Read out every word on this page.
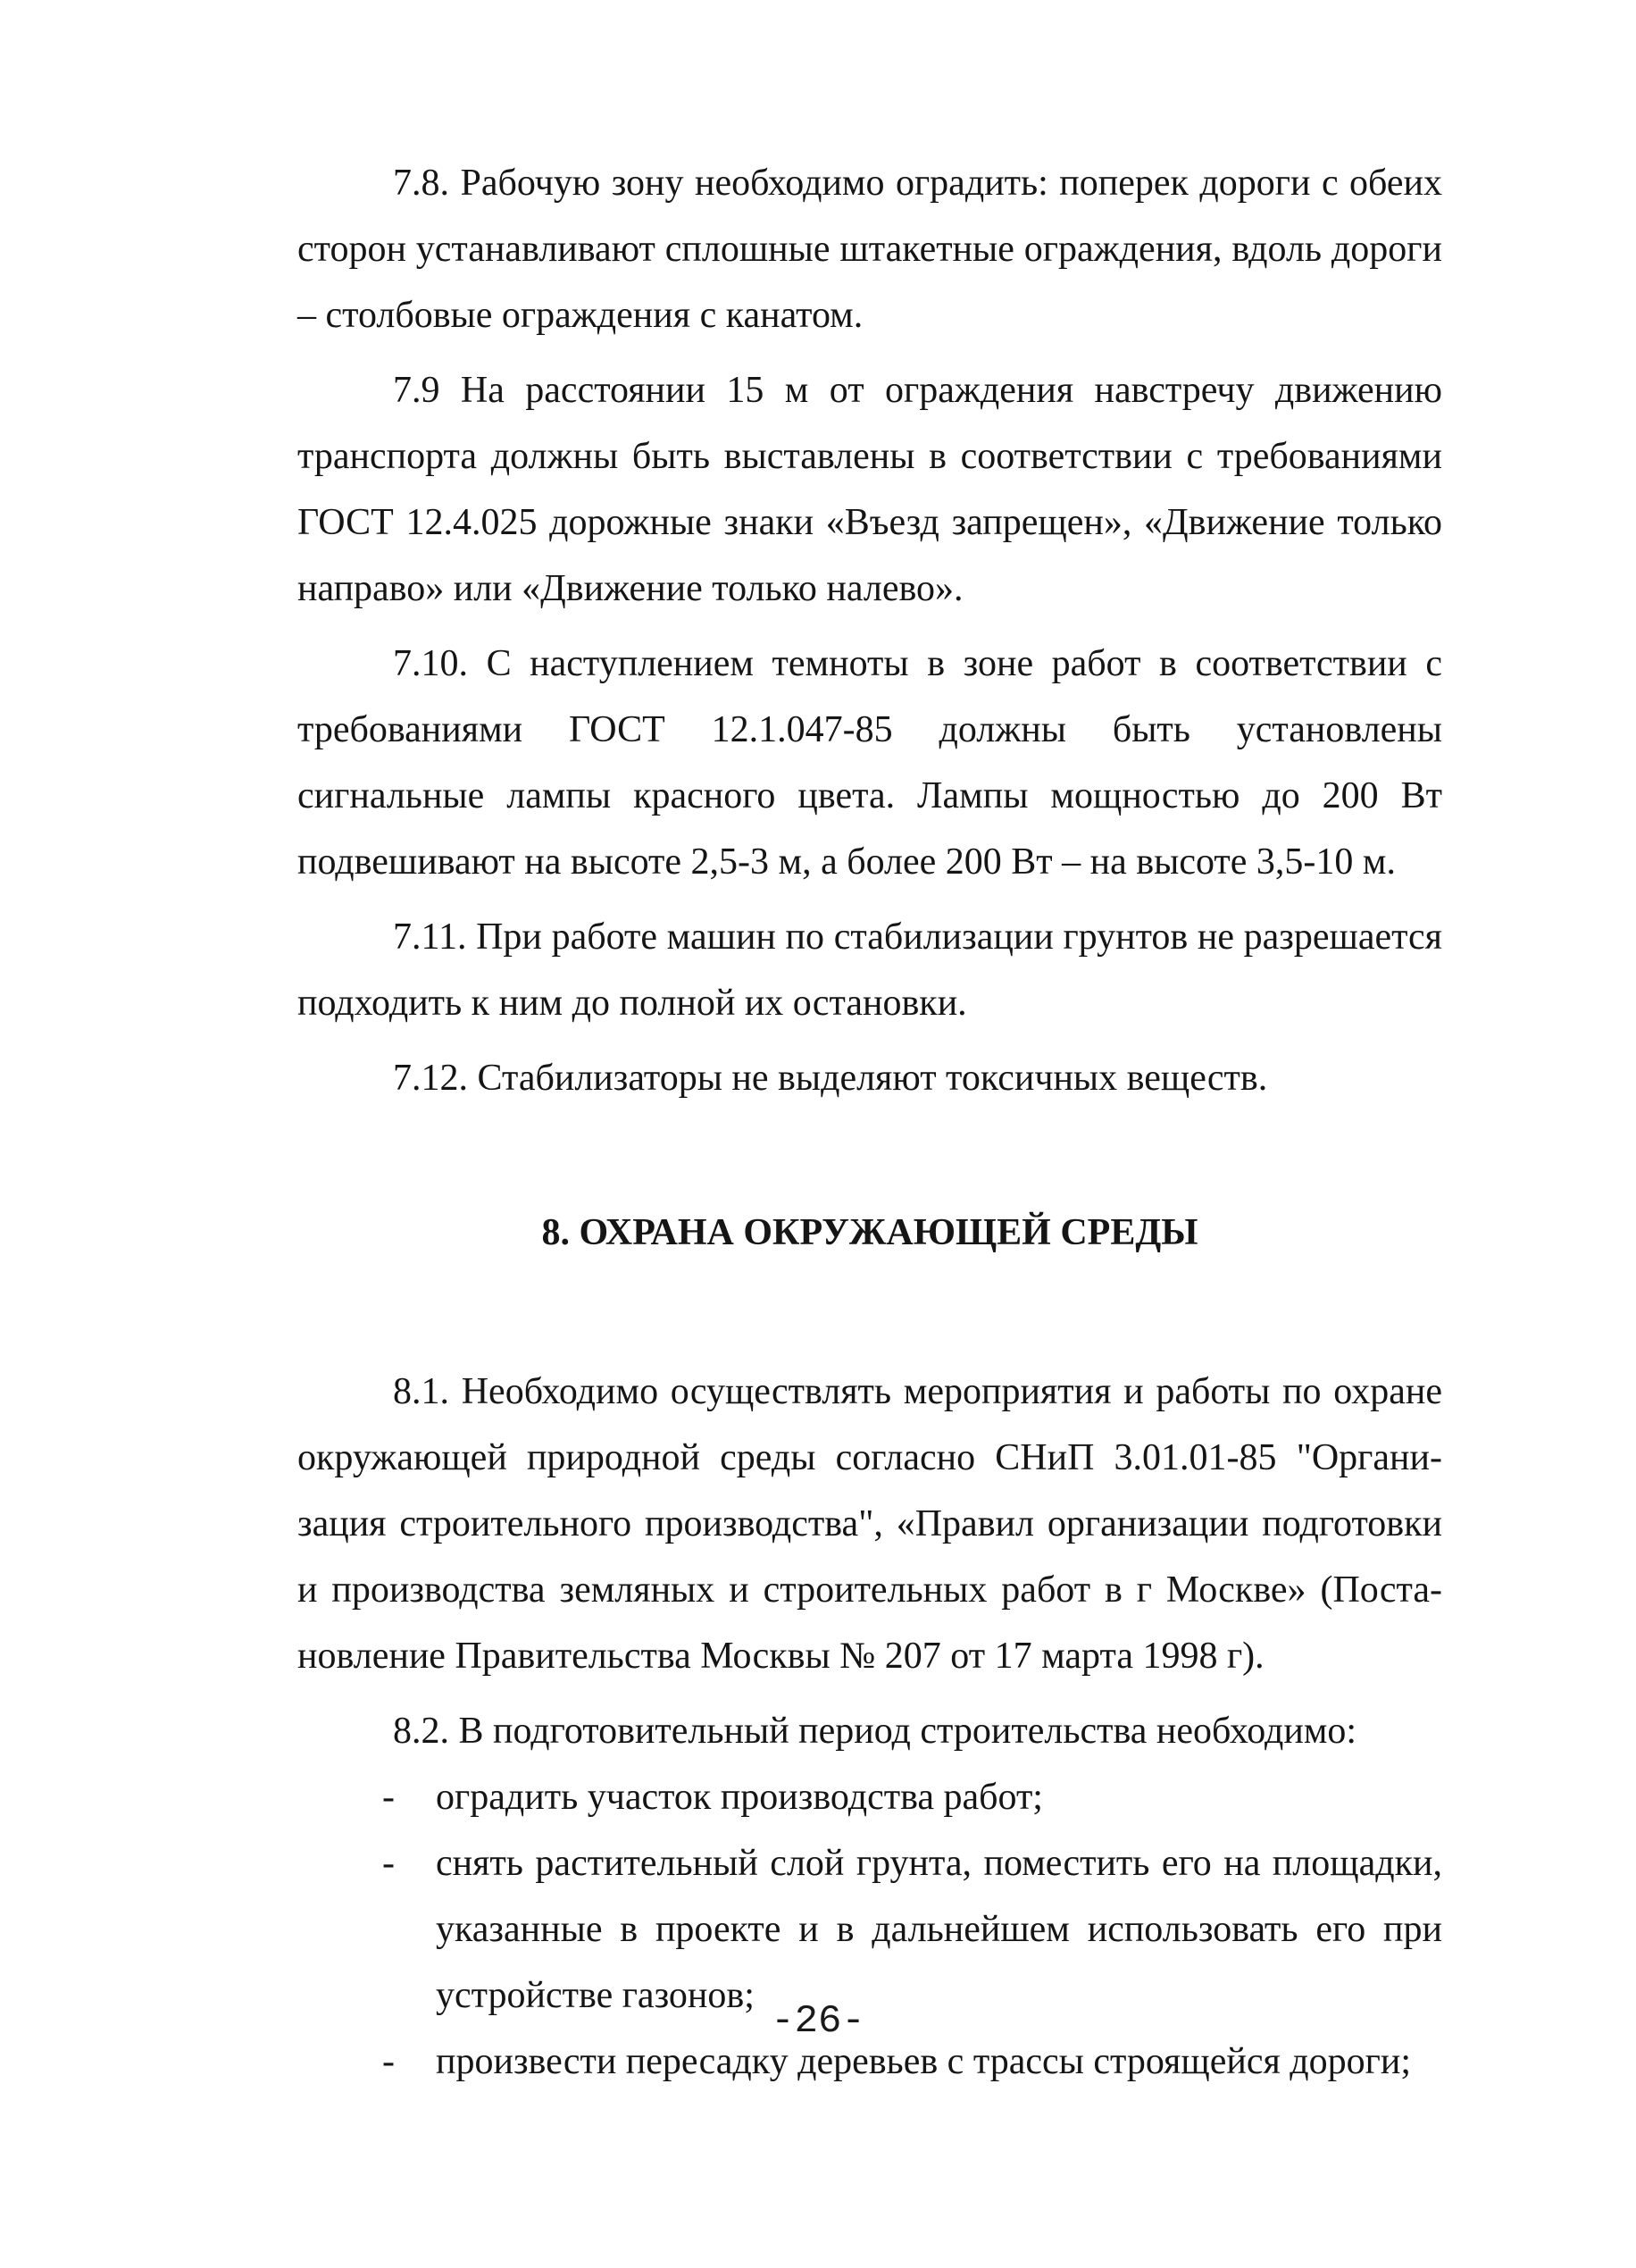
7.8. Рабочую зону необходимо оградить: поперек дороги с обеих сторон устанавливают сплошные штакетные ограждения, вдоль дороги – столбовые ограждения с канатом.

7.9 На расстоянии 15 м от ограждения навстречу движению транспорта должны быть выставлены в соответствии с требованиями ГОСТ 12.4.025 дорожные знаки «Въезд запрещен», «Движение только направо» или «Движение только налево».

7.10. С наступлением темноты в зоне работ в соответствии с требованиями ГОСТ 12.1.047-85 должны быть установлены сигнальные лампы красного цвета. Лампы мощностью до 200 Вт подвешивают на высоте 2,5-3 м, а более 200 Вт – на высоте 3,5-10 м.

7.11. При работе машин по стабилизации грунтов не разрешается подходить к ним до полной их остановки.

7.12. Стабилизаторы не выделяют токсичных веществ.

8. ОХРАНА ОКРУЖАЮЩЕЙ СРЕДЫ

8.1. Необходимо осуществлять мероприятия и работы по охране окружающей природной среды согласно СНиП 3.01.01-85 "Организация строительного производства", «Правил организации подготовки и производства земляных и строительных работ в г Москве» (Постановление Правительства Москвы № 207 от 17 марта 1998 г).

8.2. В подготовительный период строительства необходимо:

- оградить участок производства работ;

- снять растительный слой грунта, поместить его на площадки, указанные в проекте и в дальнейшем использовать его при устройстве газонов;

- произвести пересадку деревьев с трассы строящейся дороги;

-26-
